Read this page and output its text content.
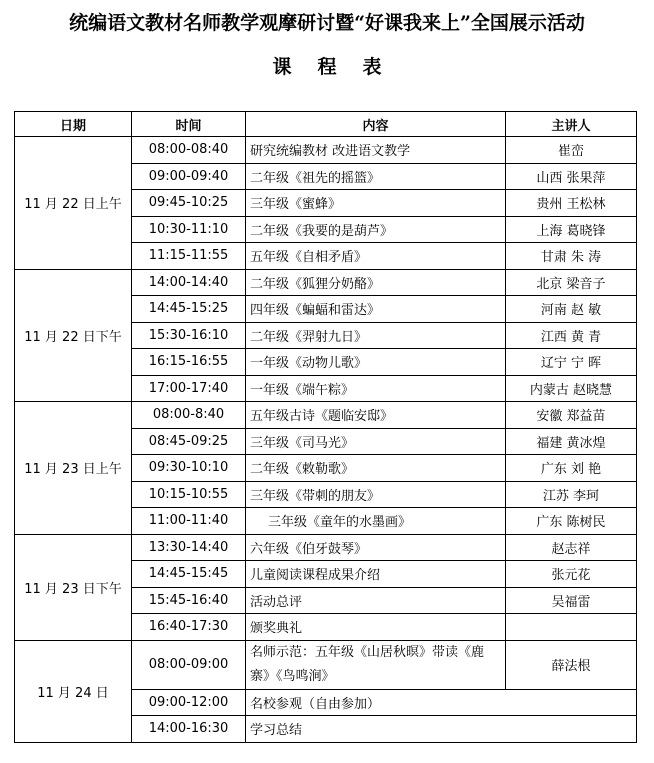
统编语文教材名师教学观摩研讨暨“好课我来上”全国展示活动
课程表
日期	时间	内容	主讲人
11 月 22 日上午	08:00-08:40	研究统编教材 改进语文教学	崔峦
	09:00-09:40	二年级《祖先的摇篮》	山西 张果萍
	09:45-10:25	三年级《蜜蜂》	贵州 王松林
	10:30-11:10	二年级《我要的是葫芦》	上海 葛晓锋
	11:15-11:55	五年级《自相矛盾》	甘肃 朱 涛
11 月 22 日下午	14:00-14:40	二年级《狐狸分奶酪》	北京 梁音子
	14:45-15:25	四年级《蝙蝠和雷达》	河南 赵 敏
	15:30-16:10	二年级《羿射九日》	江西 黄 青
	16:15-16:55	一年级《动物儿歌》	辽宁 宁 晖
	17:00-17:40	一年级《端午粽》	内蒙古 赵晓慧
11 月 23 日上午	08:00-8:40	五年级古诗《题临安邸》	安徽 郑益苗
	08:45-09:25	三年级《司马光》	福建 黄冰煌
	09:30-10:10	二年级《敕勒歌》	广东 刘 艳
	10:15-10:55	三年级《带刺的朋友》	江苏 李珂
	11:00-11:40	三年级《童年的水墨画》	广东 陈树民
11 月 23 日下午	13:30-14:40	六年级《伯牙鼓琴》	赵志祥
	14:45-15:45	儿童阅读课程成果介绍	张元花
	15:45-16:40	活动总评	吴福雷
	16:40-17:30	颁奖典礼	
11 月 24 日	08:00-09:00	名师示范：五年级《山居秋暝》带读《鹿寨》《鸟鸣涧》	薛法根
	09:00-12:00	名校参观（自由参加）	
	14:00-16:30	学习总结	
